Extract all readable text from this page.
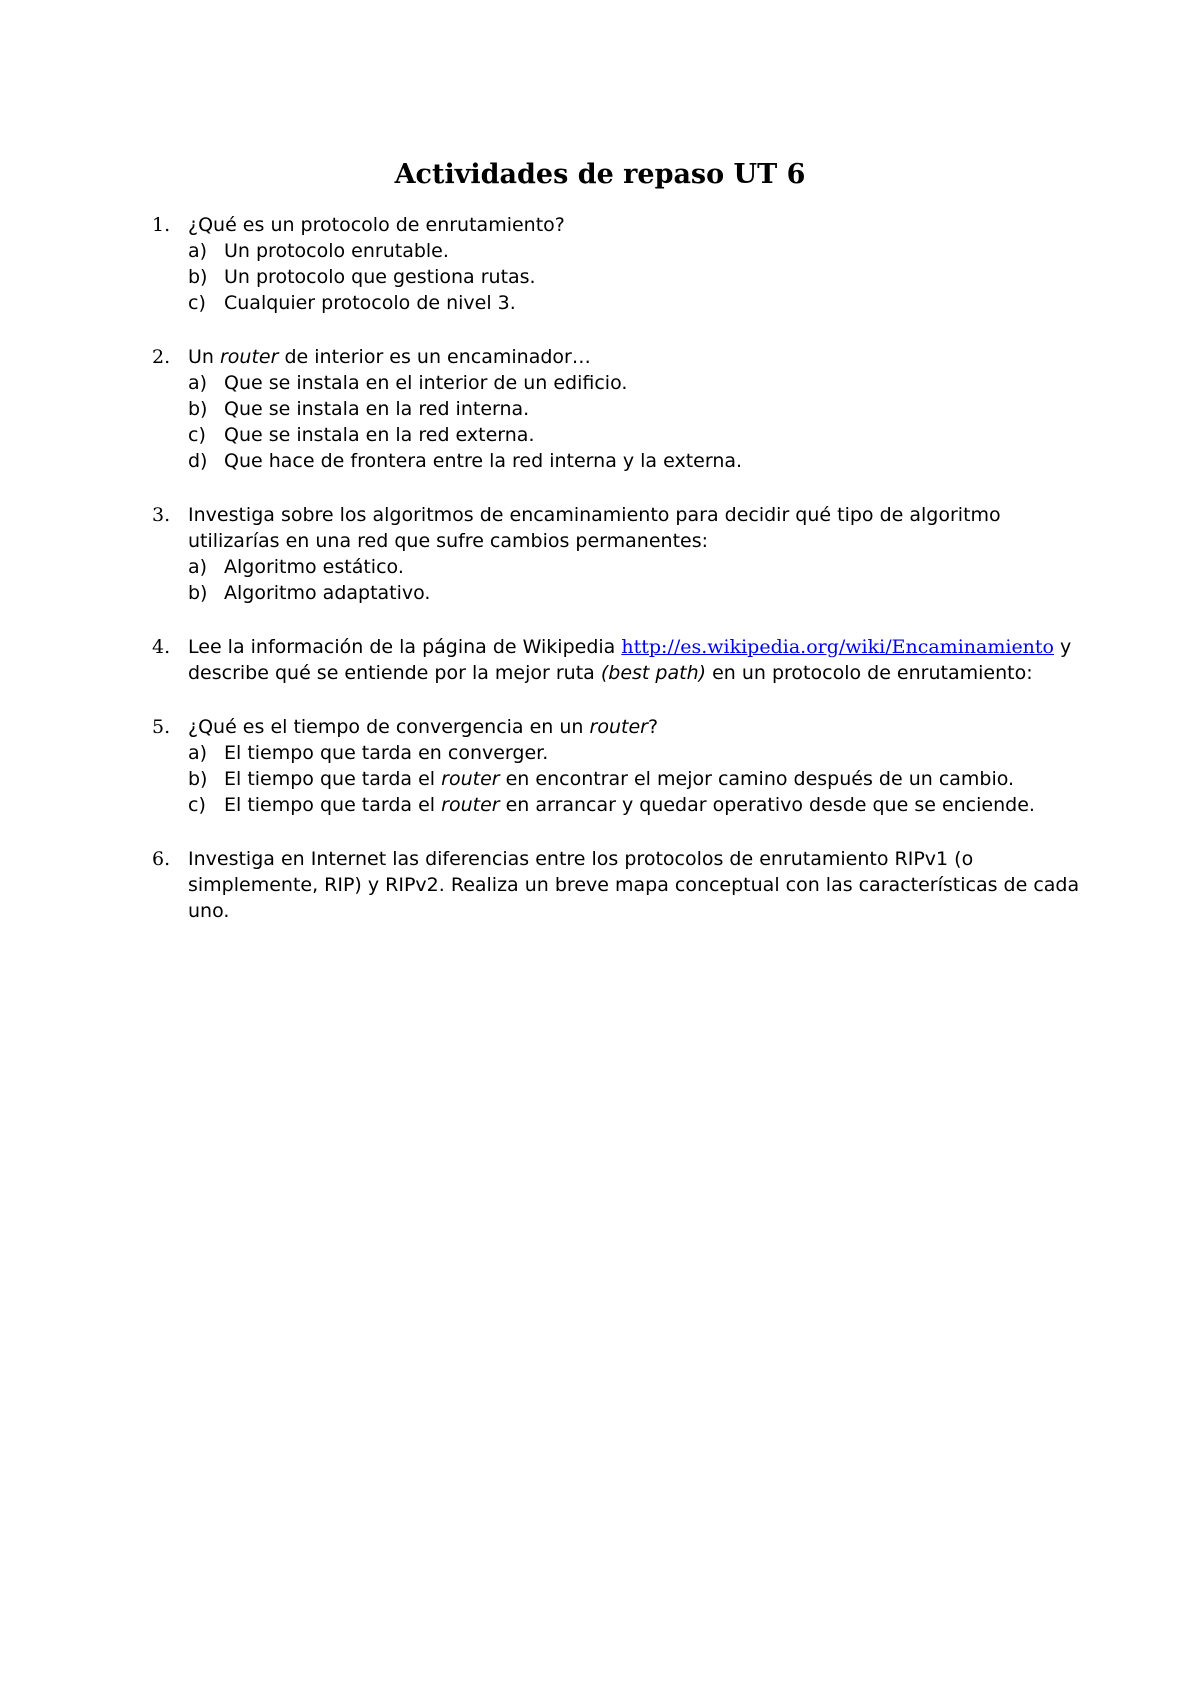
Actividades de repaso UT 6
1. ¿Qué es un protocolo de enrutamiento?
a) Un protocolo enrutable.
b) Un protocolo que gestiona rutas.
c) Cualquier protocolo de nivel 3.
2. Un router de interior es un encaminador…
a) Que se instala en el interior de un edificio.
b) Que se instala en la red interna.
c) Que se instala en la red externa.
d) Que hace de frontera entre la red interna y la externa.
3. Investiga sobre los algoritmos de encaminamiento para decidir qué tipo de algoritmo utilizarías en una red que sufre cambios permanentes:
a) Algoritmo estático.
b) Algoritmo adaptativo.
4. Lee la información de la página de Wikipedia http://es.wikipedia.org/wiki/Encaminamiento y describe qué se entiende por la mejor ruta (best path) en un protocolo de enrutamiento:
5. ¿Qué es el tiempo de convergencia en un router?
a) El tiempo que tarda en converger.
b) El tiempo que tarda el router en encontrar el mejor camino después de un cambio.
c) El tiempo que tarda el router en arrancar y quedar operativo desde que se enciende.
6. Investiga en Internet las diferencias entre los protocolos de enrutamiento RIPv1 (o simplemente, RIP) y RIPv2. Realiza un breve mapa conceptual con las características de cada uno.
